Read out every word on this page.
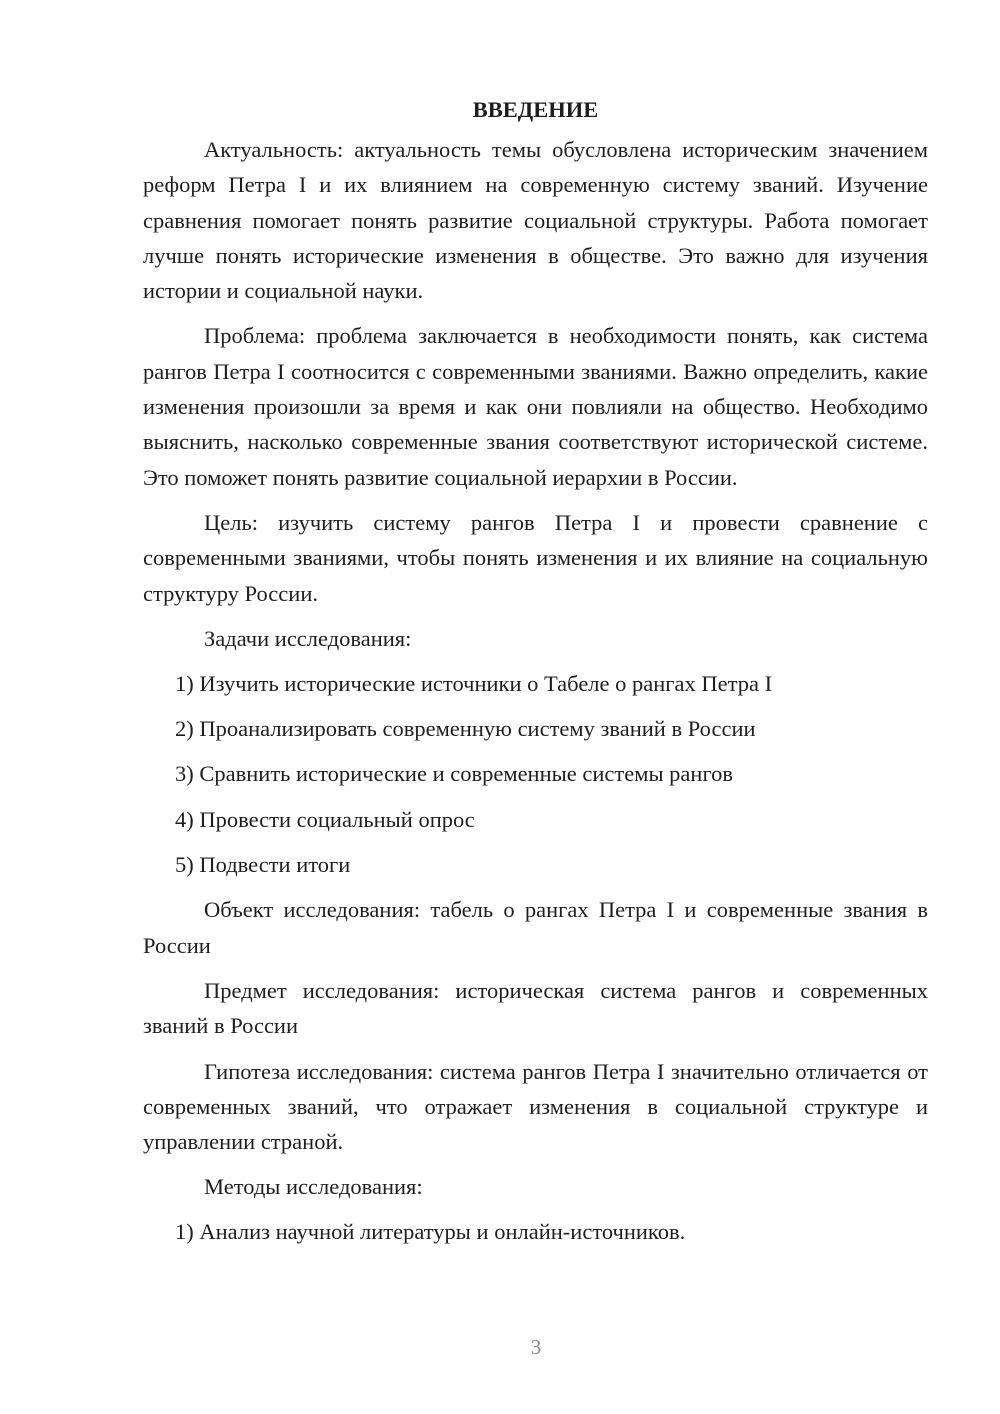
ВВЕДЕНИЕ

Актуальность: актуальность темы обусловлена историческим значением реформ Петра I и их влиянием на современную систему званий. Изучение сравнения помогает понять развитие социальной структуры. Работа помогает лучше понять исторические изменения в обществе. Это важно для изучения истории и социальной науки.

Проблема: проблема заключается в необходимости понять, как система рангов Петра I соотносится с современными званиями. Важно определить, какие изменения произошли за время и как они повлияли на общество. Необходимо выяснить, насколько современные звания соответствуют исторической системе. Это поможет понять развитие социальной иерархии в России.

Цель: изучить систему рангов Петра I и провести сравнение с современными званиями, чтобы понять изменения и их влияние на социальную структуру России.

Задачи исследования:

1) Изучить исторические источники о Табеле о рангах Петра I
2) Проанализировать современную систему званий в России
3) Сравнить исторические и современные системы рангов
4) Провести социальный опрос
5) Подвести итоги

Объект исследования: табель о рангах Петра I и современные звания в России

Предмет исследования: историческая система рангов и современных званий в России

Гипотеза исследования: система рангов Петра I значительно отличается от современных званий, что отражает изменения в социальной структуре и управлении страной.

Методы исследования:

1) Анализ научной литературы и онлайн-источников.
3
